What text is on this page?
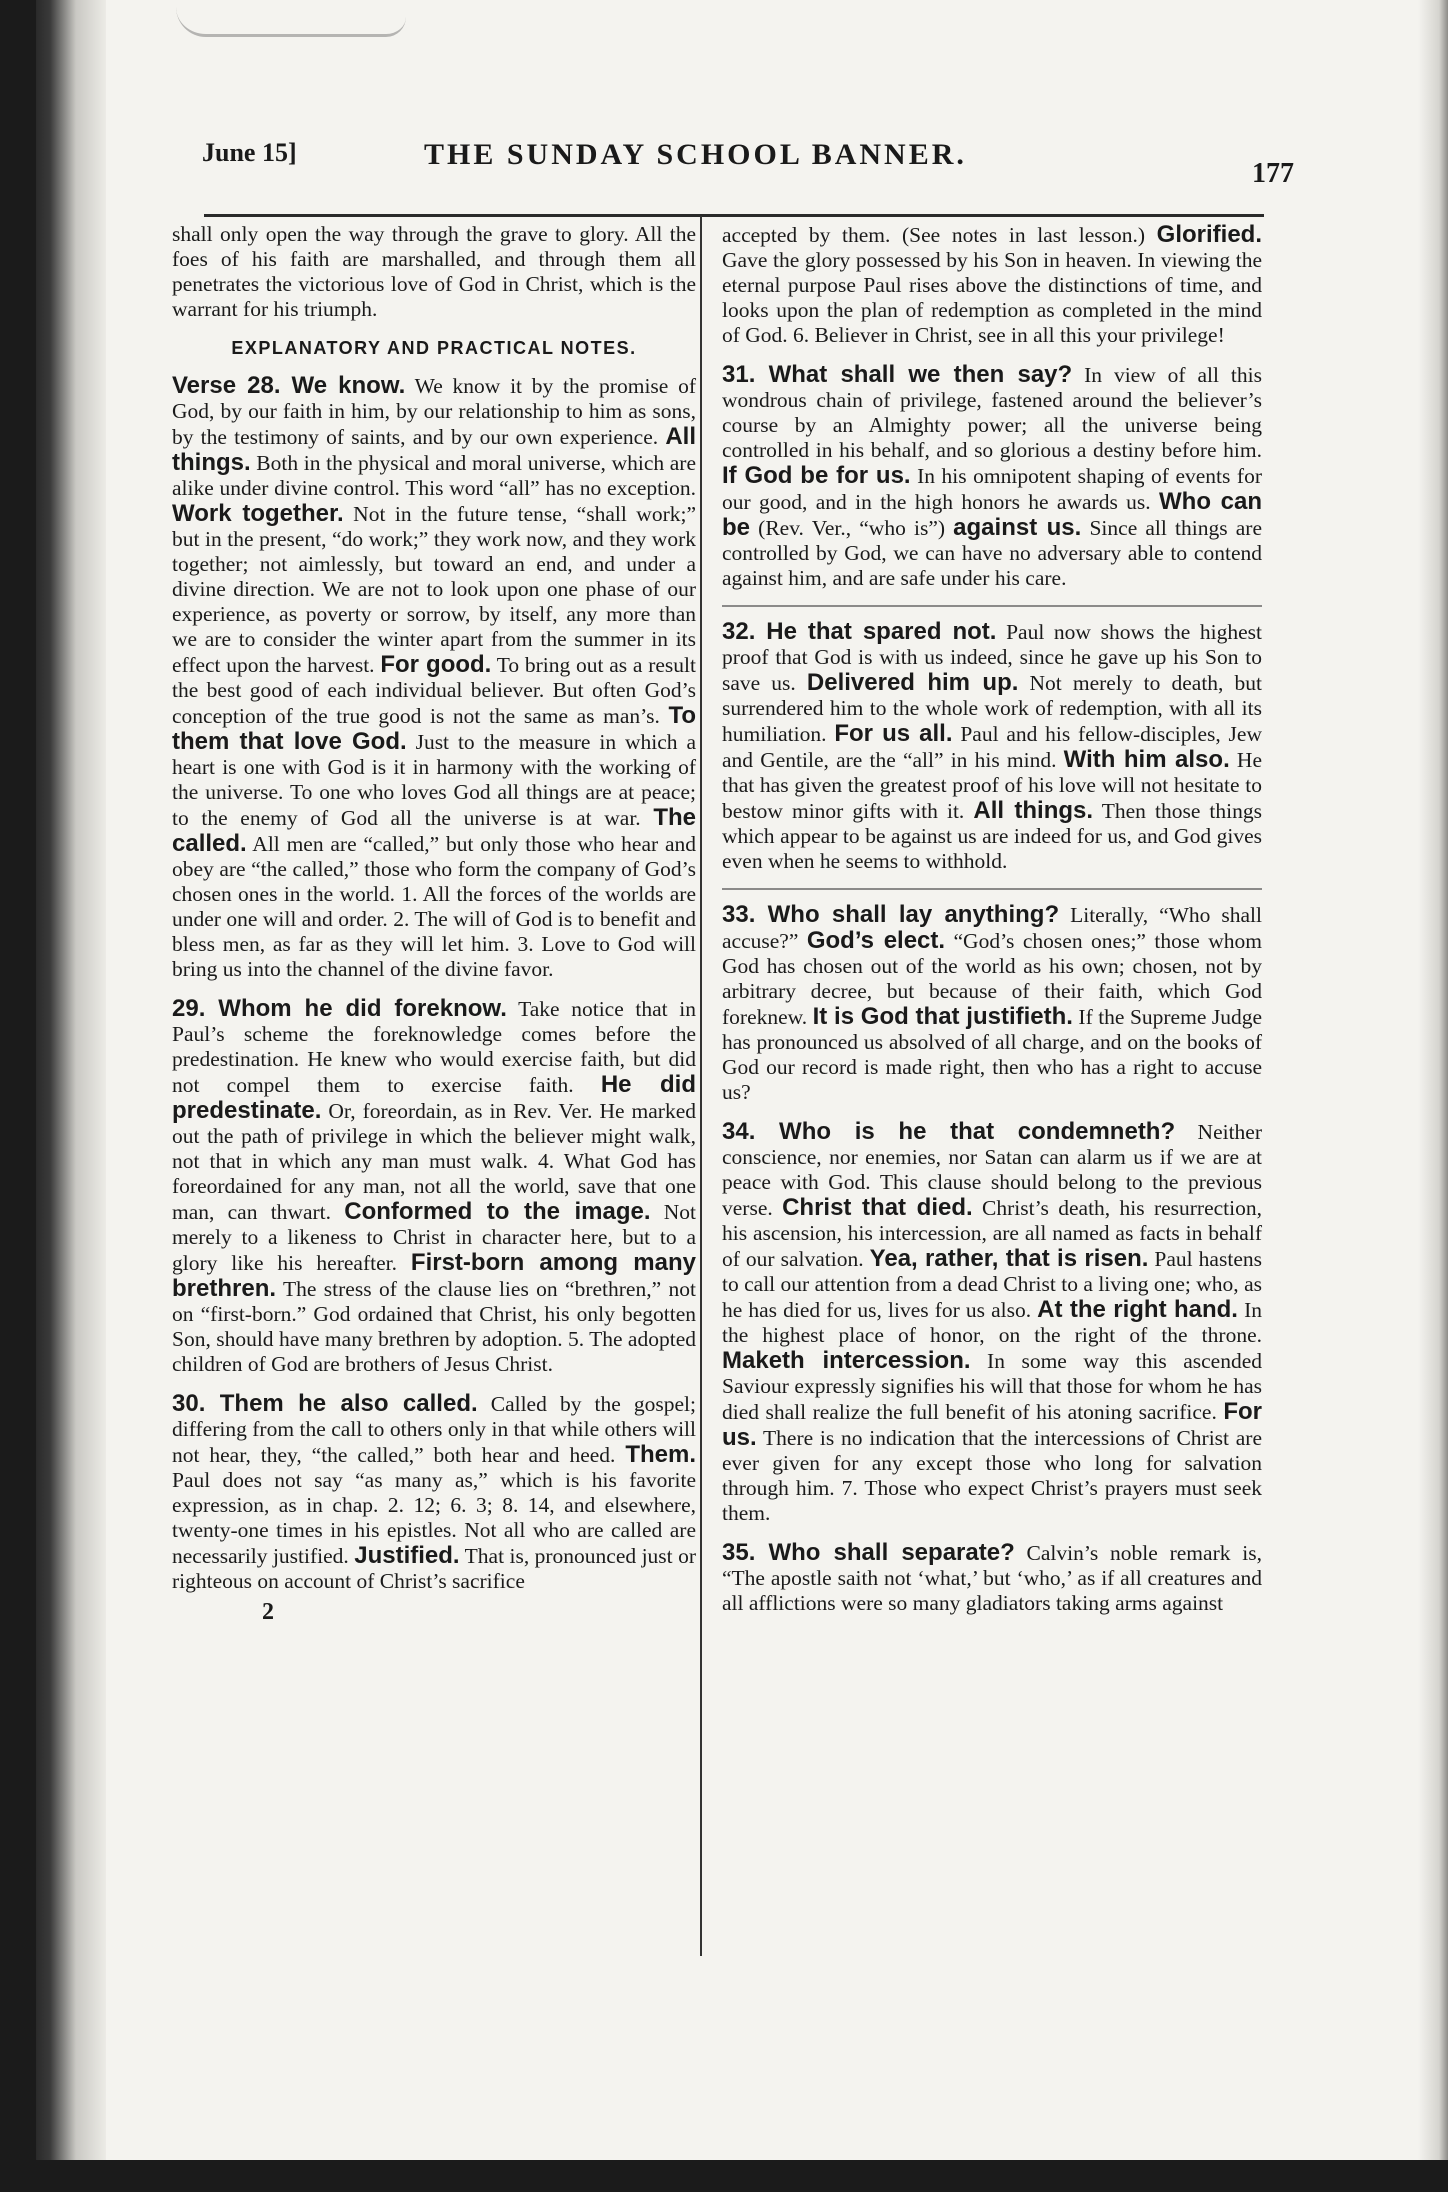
June 15]	THE SUNDAY SCHOOL BANNER.
177

shall only open the way through the grave to glory. All the foes of his faith are marshalled, and through them all penetrates the victorious love of God in Christ, which is the warrant for his triumph.

EXPLANATORY AND PRACTICAL NOTES.

Verse 28. We know. We know it by the promise of God, by our faith in him, by our relationship to him as sons, by the testimony of saints, and by our own experience. All things. Both in the physical and moral universe, which are alike under divine control. This word “all” has no exception. Work together. Not in the future tense, “shall work;” but in the present, “do work;” they work now, and they work together; not aimlessly, but toward an end, and under a divine direction. We are not to look upon one phase of our experience, as poverty or sorrow, by itself, any more than we are to consider the winter apart from the summer in its effect upon the harvest. For good. To bring out as a result the best good of each individual believer. But often God’s conception of the true good is not the same as man’s. To them that love God. Just to the measure in which a heart is one with God is it in harmony with the working of the universe. To one who loves God all things are at peace; to the enemy of God all the universe is at war. The called. All men are “called,” but only those who hear and obey are “the called,” those who form the company of God’s chosen ones in the world. 1. All the forces of the worlds are under one will and order. 2. The will of God is to benefit and bless men, as far as they will let him. 3. Love to God will bring us into the channel of the divine favor.

29. Whom he did foreknow. Take notice that in Paul’s scheme the foreknowledge comes before the predestination. He knew who would exercise faith, but did not compel them to exercise faith. He did predestinate. Or, foreordain, as in Rev. Ver. He marked out the path of privilege in which the believer might walk, not that in which any man must walk. 4. What God has foreordained for any man, not all the world, save that one man, can thwart. Conformed to the image. Not merely to a likeness to Christ in character here, but to a glory like his hereafter. First-born among many brethren. The stress of the clause lies on “brethren,” not on “first-born.” God ordained that Christ, his only begotten Son, should have many brethren by adoption. 5. The adopted children of God are brothers of Jesus Christ.

30. Them he also called. Called by the gospel; differing from the call to others only in that while others will not hear, they, “the called,” both hear and heed. Them. Paul does not say “as many as,” which is his favorite expression, as in chap. 2. 12; 6. 3; 8. 14, and elsewhere, twenty-one times in his epistles. Not all who are called are necessarily justified. Justified. That is, pronounced just or righteous on account of Christ’s sacrifice

2

accepted by them. (See notes in last lesson.) Glorified. Gave the glory possessed by his Son in heaven. In viewing the eternal purpose Paul rises above the distinctions of time, and looks upon the plan of redemption as completed in the mind of God. 6. Believer in Christ, see in all this your privilege!

31. What shall we then say? In view of all this wondrous chain of privilege, fastened around the believer’s course by an Almighty power; all the universe being controlled in his behalf, and so glorious a destiny before him. If God be for us. In his omnipotent shaping of events for our good, and in the high honors he awards us. Who can be (Rev. Ver., “who is”) against us. Since all things are controlled by God, we can have no adversary able to contend against him, and are safe under his care.

32. He that spared not. Paul now shows the highest proof that God is with us indeed, since he gave up his Son to save us. Delivered him up. Not merely to death, but surrendered him to the whole work of redemption, with all its humiliation. For us all. Paul and his fellow-disciples, Jew and Gentile, are the “all” in his mind. With him also. He that has given the greatest proof of his love will not hesitate to bestow minor gifts with it. All things. Then those things which appear to be against us are indeed for us, and God gives even when he seems to withhold.

33. Who shall lay anything? Literally, “Who shall accuse?” God’s elect. “God’s chosen ones;” those whom God has chosen out of the world as his own; chosen, not by arbitrary decree, but because of their faith, which God foreknew. It is God that justifieth. If the Supreme Judge has pronounced us absolved of all charge, and on the books of God our record is made right, then who has a right to accuse us?

34. Who is he that condemneth? Neither conscience, nor enemies, nor Satan can alarm us if we are at peace with God. This clause should belong to the previous verse. Christ that died. Christ’s death, his resurrection, his ascension, his intercession, are all named as facts in behalf of our salvation. Yea, rather, that is risen. Paul hastens to call our attention from a dead Christ to a living one; who, as he has died for us, lives for us also. At the right hand. In the highest place of honor, on the right of the throne. Maketh intercession. In some way this ascended Saviour expressly signifies his will that those for whom he has died shall realize the full benefit of his atoning sacrifice. For us. There is no indication that the intercessions of Christ are ever given for any except those who long for salvation through him. 7. Those who expect Christ’s prayers must seek them.

35. Who shall separate? Calvin’s noble remark is, “The apostle saith not ‘what,’ but ‘who,’ as if all creatures and all afflictions were so many gladiators taking arms against
